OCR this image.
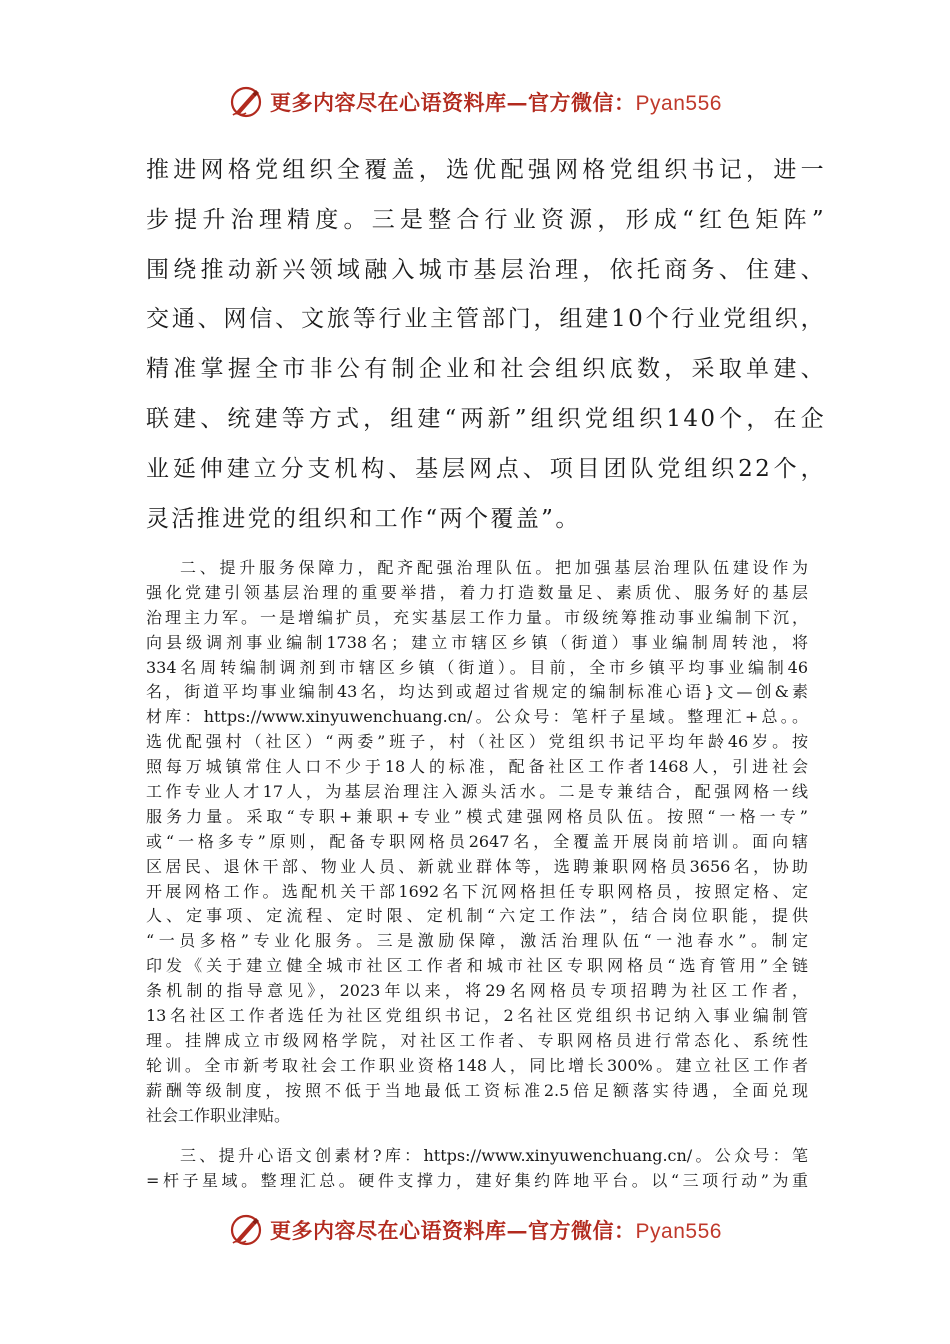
更多内容尽在心语资料库—官方微信：Pyan556
推进网格党组织全覆盖，选优配强网格党组织书记，进一
步提升治理精度。三是整合行业资源，形成“红色矩阵”
围绕推动新兴领域融入城市基层治理，依托商务、住建、
交通、网信、文旅等行业主管部门，组建10个行业党组织，
精准掌握全市非公有制企业和社会组织底数，采取单建、
联建、统建等方式，组建“两新”组织党组织140个，在企
业延伸建立分支机构、基层网点、项目团队党组织22个，
灵活推进党的组织和工作“两个覆盖”。
二、提升服务保障力，配齐配强治理队伍。把加强基层治理队伍建设作为
强化党建引领基层治理的重要举措，着力打造数量足、素质优、服务好的基层
治理主力军。一是增编扩员，充实基层工作力量。市级统筹推动事业编制下沉，
向县级调剂事业编制1738名；建立市辖区乡镇（街道）事业编制周转池，将
334名周转编制调剂到市辖区乡镇（街道）。目前，全市乡镇平均事业编制46
名，街道平均事业编制43名，均达到或超过省规定的编制标准心语}文—创&素
材库：https://www.xinyuwenchuang.cn/。公众号：笔杆子星域。整理汇+总。。
选优配强村（社区）“两委”班子，村（社区）党组织书记平均年龄46岁。按
照每万城镇常住人口不少于18人的标准，配备社区工作者1468人，引进社会
工作专业人才17人，为基层治理注入源头活水。二是专兼结合，配强网格一线
服务力量。采取“专职+兼职+专业”模式建强网格员队伍。按照“一格一专”
或“一格多专”原则，配备专职网格员2647名，全覆盖开展岗前培训。面向辖
区居民、退休干部、物业人员、新就业群体等，选聘兼职网格员3656名，协助
开展网格工作。选配机关干部1692名下沉网格担任专职网格员，按照定格、定
人、定事项、定流程、定时限、定机制“六定工作法”，结合岗位职能，提供
“一员多格”专业化服务。三是激励保障，激活治理队伍“一池春水”。制定
印发《关于建立健全城市社区工作者和城市社区专职网格员“选育管用”全链
条机制的指导意见》，2023年以来，将29名网格员专项招聘为社区工作者，
13名社区工作者选任为社区党组织书记，2名社区党组织书记纳入事业编制管
理。挂牌成立市级网格学院，对社区工作者、专职网格员进行常态化、系统性
轮训。全市新考取社会工作职业资格148人，同比增长300%。建立社区工作者
薪酬等级制度，按照不低于当地最低工资标准2.5倍足额落实待遇，全面兑现
社会工作职业津贴。
三、提升心语文创素材?库：https://www.xinyuwenchuang.cn/。公众号：笔
=杆子星域。整理汇总。硬件支撑力，建好集约阵地平台。以“三项行动”为重
更多内容尽在心语资料库—官方微信：Pyan556
